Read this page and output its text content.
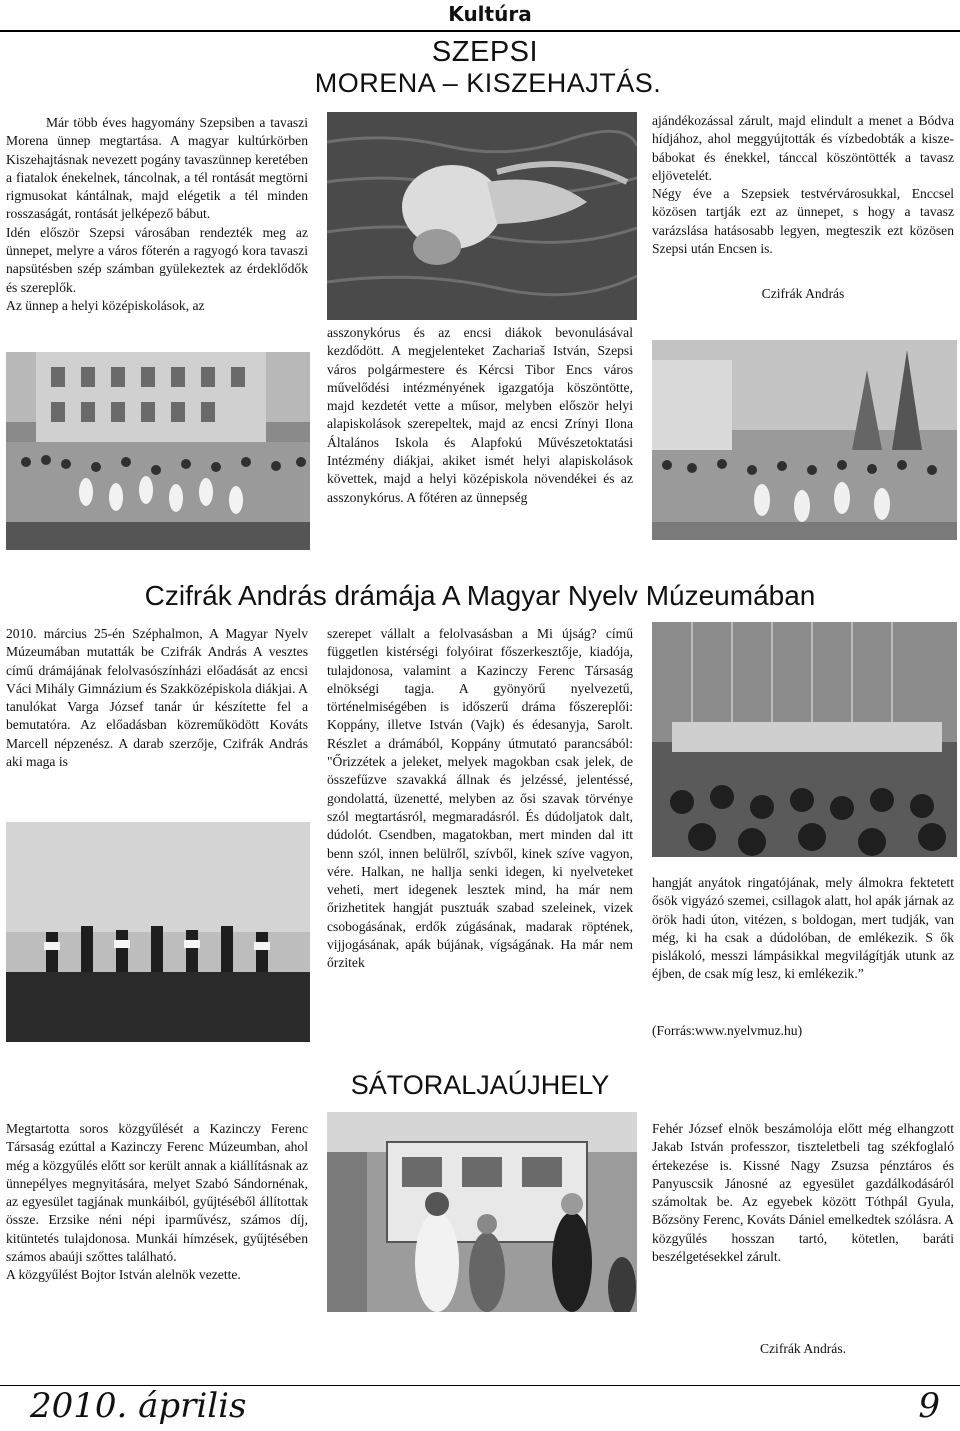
Kultúra
SZEPSI
MORENA – KISZEHAJTÁS.

Már több éves hagyomány Szepsiben a tavaszi Morena ünnep megtartása. A magyar kultúrkörben Kiszehajtásnak nevezett pogány tavaszünnep keretében a fiatalok énekelnek, táncolnak, a tél rontását megtörni rigmusokat kántálnak, majd elégetik a tél minden rosszaságát, rontását jelképező bábut.

Idén először Szepsi városában rendezték meg az ünnepet, melyre a város főterén a ragyogó kora tavaszi napsütésben szép számban gyülekeztek az érdeklődők és szereplők.

Az ünnep a helyi középiskolások, az

asszonykórus és az encsi diákok bevonulásával kezdődött. A megjelenteket Zachariaš István, Szepsi város polgármestere és Kércsi Tibor Encs város művelődési intézményének igazgatója köszöntötte, majd kezdetét vette a műsor, melyben először helyi alapiskolások szerepeltek, majd az encsi Zrínyi Ilona Általános Iskola és Alapfokú Művészetoktatási Intézmény diákjai, akiket ismét helyi alapiskolások követtek, majd a helyi középiskola növendékei és az asszonykórus. A főtéren az ünnepség

ajándékozással zárult, majd elindult a menet a Bódva hídjához, ahol meggyújtották és vízbedobták a kisze-bábokat és énekkel, tánccal köszöntötték a tavasz eljövetelét.

Négy éve a Szepsiek testvérvárosukkal, Enccsel közösen tartják ezt az ünnepet, s hogy a tavasz varázslása hatásosabb legyen, megteszik ezt közösen Szepsi után Encsen is.

Czifrák András
Czifrák András drámája A Magyar Nyelv Múzeumában

2010. március 25-én Széphalmon, A Magyar Nyelv Múzeumában mutatták be Czifrák András A vesztes című drámájának felolvasószínházi előadását az encsi Váci Mihály Gimnázium és Szakközépiskola diákjai. A tanulókat Varga József tanár úr készítette fel a bemutatóra. Az előadásban közreműködött Kováts Marcell népzenész. A darab szerzője, Czifrák András aki maga is

szerepet vállalt a felolvasásban a Mi újság? című független kistérségi folyóirat főszerkesztője, kiadója, tulajdonosa, valamint a Kazinczy Ferenc Társaság elnökségi tagja. A gyönyörű nyelvezetű, történelmiségében is időszerű dráma főszereplői: Koppány, illetve István (Vajk) és édesanyja, Sarolt. Részlet a drámából, Koppány útmutató parancsából: "Őrizzétek a jeleket, melyek magokban csak jelek, de összefűzve szavakká állnak és jelzéssé, jelentéssé, gondolattá, üzenetté, melyben az ősi szavak törvénye szól megtartásról, megmaradásról. És dúdoljatok dalt, dúdolót. Csendben, magatokban, mert minden dal itt benn szól, innen belülről, szívből, kinek szíve vagyon, vére. Halkan, ne hallja senki idegen, ki nyelveteket veheti, mert idegenek lesztek mind, ha már nem őrizhetitek hangját pusztuák szabad szeleinek, vizek csobogásának, erdők zúgásának, madarak röptének, vijjogásának, apák bújának, vígságának. Ha már nem őrzitek

hangját anyátok ringatójának, mely álmokra fektetett ősök vigyázó szemei, csillagok alatt, hol apák járnak az örök hadi úton, vitézen, s boldogan, mert tudják, van még, ki ha csak a dúdolóban, de emlékezik. S ők pislákoló, messzi lámpásikkal megvilágítják utunk az éjben, de csak míg lesz, ki emlékezik.”

(Forrás:www.nyelvmuz.hu)
SÁTORALJAÚJHELY

Megtartotta soros közgyűlését a Kazinczy Ferenc Társaság ezúttal a Kazinczy Ferenc Múzeumban, ahol még a közgyűlés előtt sor került annak a kiállításnak az ünnepélyes megnyitására, melyet Szabó Sándornénak, az egyesület tagjának munkáiból, gyűjtéséből állítottak össze. Erzsike néni népi iparművész, számos díj, kitüntetés tulajdonosa. Munkái hímzések, gyűjtésében számos abaúji szőttes található.

A közgyűlést Bojtor István alelnök vezette.

Fehér József elnök beszámolója előtt még elhangzott Jakab István professzor, tiszteletbeli tag székfoglaló értekezése is. Kissné Nagy Zsuzsa pénztáros és Panyuscsik Jánosné az egyesület gazdálkodásáról számoltak be. Az egyebek között Tóthpál Gyula, Bőzsöny Ferenc, Kováts Dániel emelkedtek szólásra. A közgyűlés hosszan tartó, kötetlen, baráti beszélgetésekkel zárult.

Czifrák András.
2010. április	9
